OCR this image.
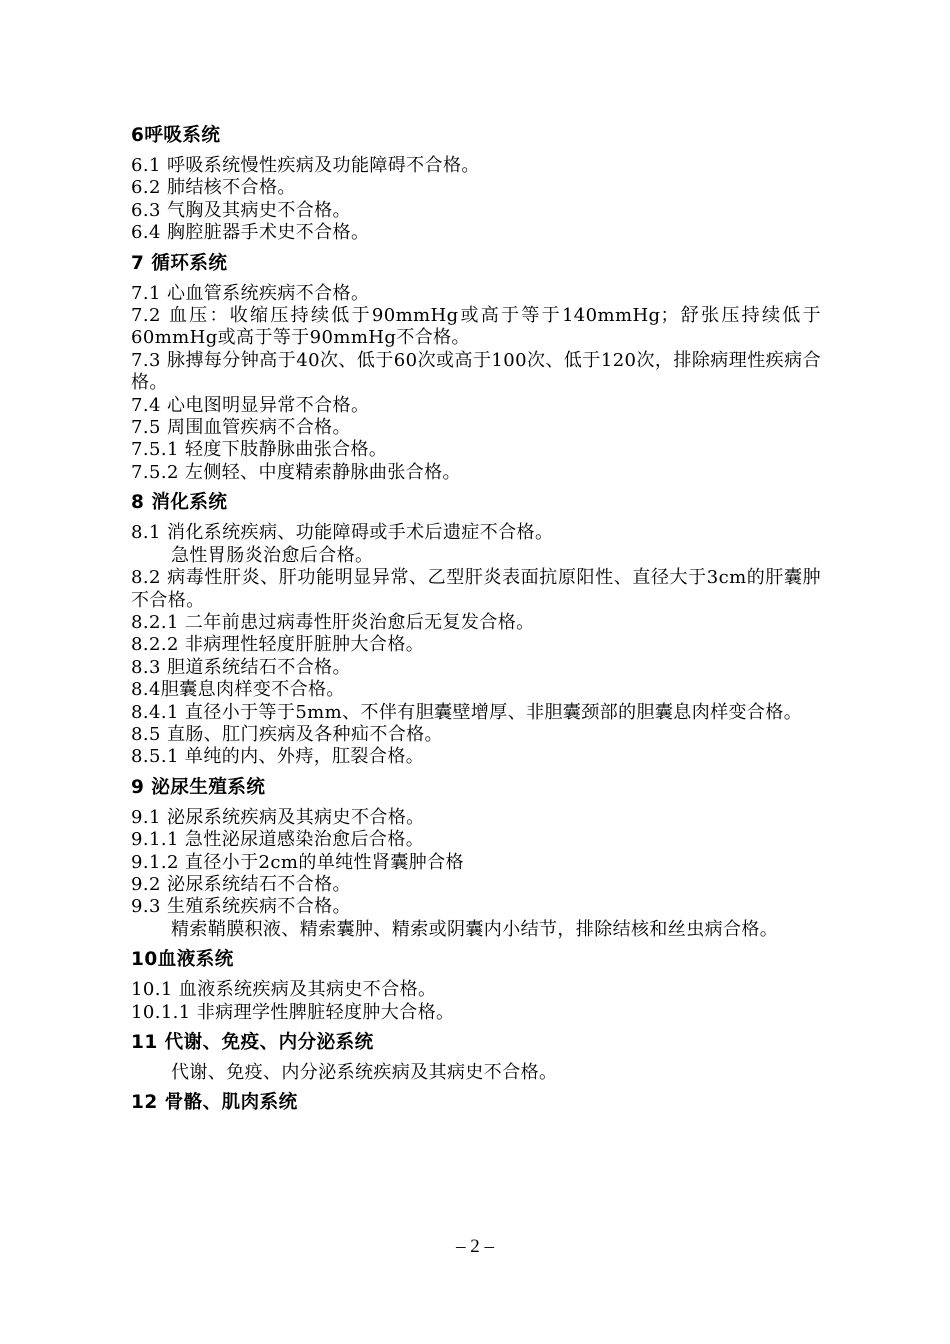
6呼吸系统

6.1 呼吸系统慢性疾病及功能障碍不合格。

6.2 肺结核不合格。

6.3 气胸及其病史不合格。

6.4 胸腔脏器手术史不合格。

7 循环系统

7.1 心血管系统疾病不合格。

7.2 血压：收缩压持续低于90mmHg或高于等于140mmHg；舒张压持续低于60mmHg或高于等于90mmHg不合格。

7.3 脉搏每分钟高于40次、低于60次或高于100次、低于120次，排除病理性疾病合格。

7.4 心电图明显异常不合格。

7.5 周围血管疾病不合格。

7.5.1 轻度下肢静脉曲张合格。

7.5.2 左侧轻、中度精索静脉曲张合格。

8 消化系统

8.1 消化系统疾病、功能障碍或手术后遗症不合格。

急性胃肠炎治愈后合格。

8.2 病毒性肝炎、肝功能明显异常、乙型肝炎表面抗原阳性、直径大于3cm的肝囊肿不合格。

8.2.1 二年前患过病毒性肝炎治愈后无复发合格。

8.2.2 非病理性轻度肝脏肿大合格。

8.3 胆道系统结石不合格。

8.4胆囊息肉样变不合格。

8.4.1 直径小于等于5mm、不伴有胆囊壁增厚、非胆囊颈部的胆囊息肉样变合格。

8.5 直肠、肛门疾病及各种疝不合格。

8.5.1 单纯的内、外痔，肛裂合格。

9 泌尿生殖系统

9.1 泌尿系统疾病及其病史不合格。

9.1.1 急性泌尿道感染治愈后合格。

9.1.2 直径小于2cm的单纯性肾囊肿合格

9.2 泌尿系统结石不合格。

9.3 生殖系统疾病不合格。

精索鞘膜积液、精索囊肿、精索或阴囊内小结节，排除结核和丝虫病合格。

10血液系统

10.1 血液系统疾病及其病史不合格。

10.1.1 非病理学性脾脏轻度肿大合格。

11 代谢、免疫、内分泌系统

代谢、免疫、内分泌系统疾病及其病史不合格。

12 骨骼、肌肉系统

– 2 –
